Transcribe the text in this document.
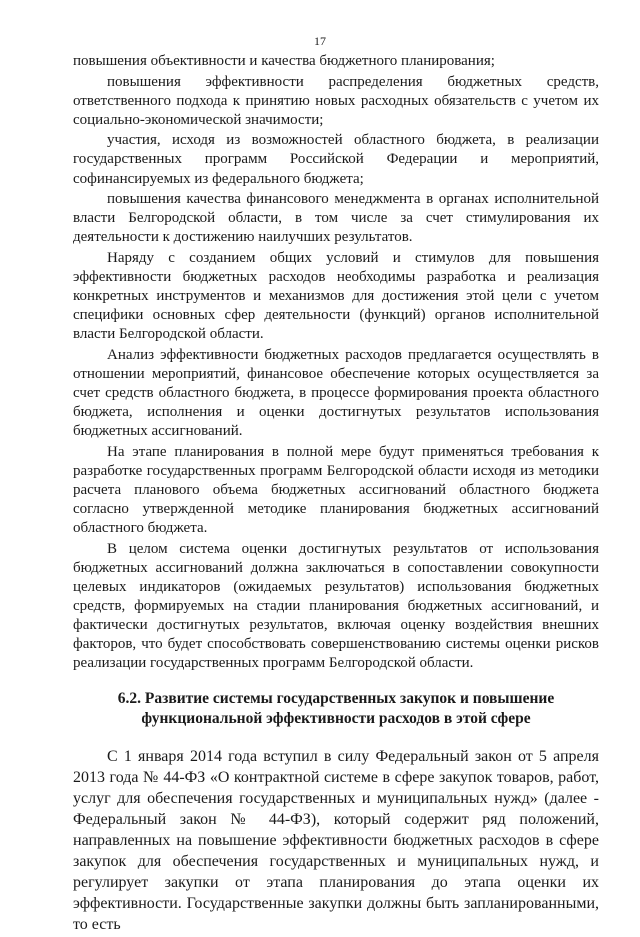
17

повышения объективности и качества бюджетного планирования;

повышения эффективности распределения бюджетных средств, ответственного подхода к принятию новых расходных обязательств с учетом их социально-экономической значимости;

участия, исходя из возможностей областного бюджета, в реализации государственных программ Российской Федерации и мероприятий, софинансируемых из федерального бюджета;

повышения качества финансового менеджмента в органах исполнительной власти Белгородской области, в том числе за счет стимулирования их деятельности к достижению наилучших результатов.

Наряду с созданием общих условий и стимулов для повышения эффективности бюджетных расходов необходимы разработка и реализация конкретных инструментов и механизмов для достижения этой цели с учетом специфики основных сфер деятельности (функций) органов исполнительной власти Белгородской области.

Анализ эффективности бюджетных расходов предлагается осуществлять в отношении мероприятий, финансовое обеспечение которых осуществляется за счет средств областного бюджета, в процессе формирования проекта областного бюджета, исполнения и оценки достигнутых результатов использования бюджетных ассигнований.

На этапе планирования в полной мере будут применяться требования к разработке государственных программ Белгородской области исходя из методики расчета планового объема бюджетных ассигнований областного бюджета согласно утвержденной методике планирования бюджетных ассигнований областного бюджета.

В целом система оценки достигнутых результатов от использования бюджетных ассигнований должна заключаться в сопоставлении совокупности целевых индикаторов (ожидаемых результатов) использования бюджетных средств, формируемых на стадии планирования бюджетных ассигнований, и фактически достигнутых результатов, включая оценку воздействия внешних факторов, что будет способствовать совершенствованию системы оценки рисков реализации государственных программ Белгородской области.

6.2. Развитие системы государственных закупок и повышение
функциональной эффективности расходов в этой сфере

С 1 января 2014 года вступил в силу Федеральный закон от 5 апреля 2013 года № 44-ФЗ «О контрактной системе в сфере закупок товаров, работ, услуг для обеспечения государственных и муниципальных нужд» (далее - Федеральный закон № 44-ФЗ), который содержит ряд положений, направленных на повышение эффективности бюджетных расходов в сфере закупок для обеспечения государственных и муниципальных нужд, и регулирует закупки от этапа планирования до этапа оценки их эффективности. Государственные закупки должны быть запланированными, то есть
